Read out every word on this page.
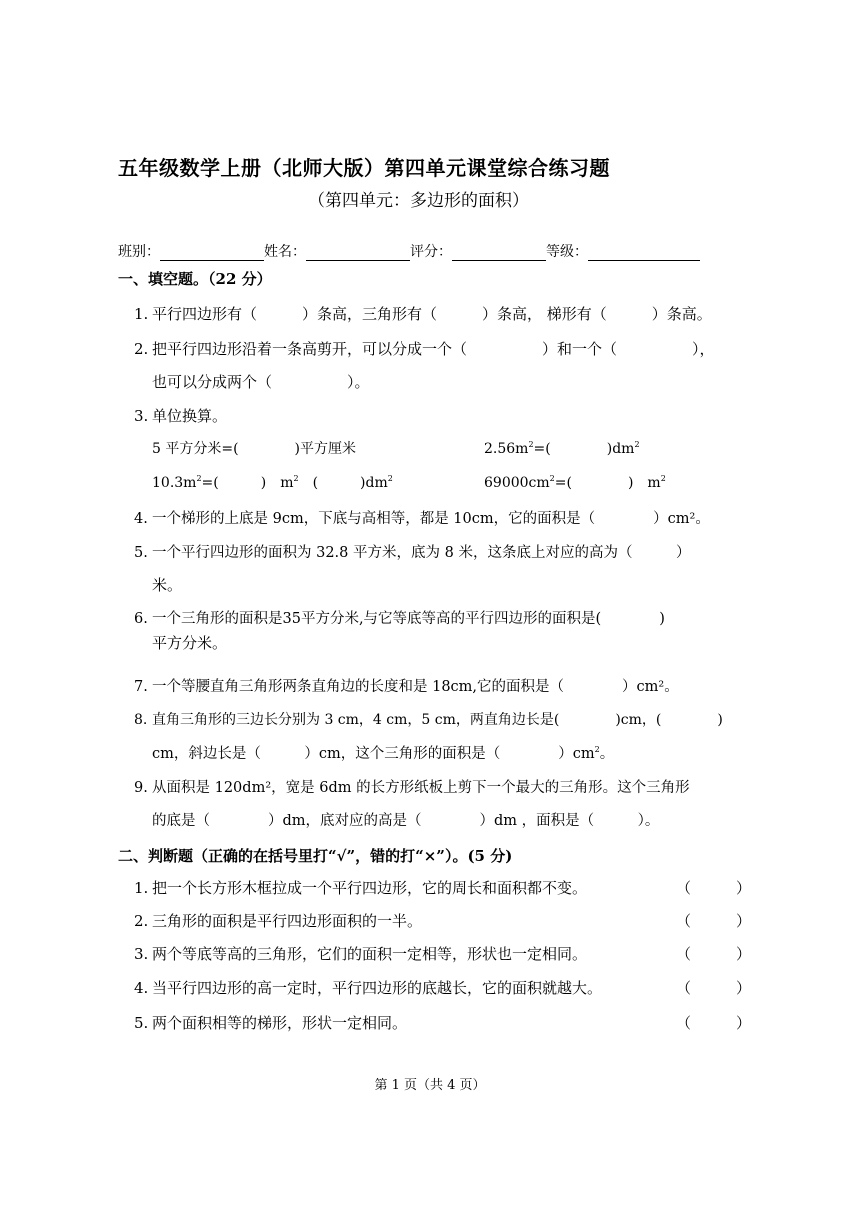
五年级数学上册（北师大版）第四单元课堂综合练习题
（第四单元：多边形的面积）
班别：	姓名：	评分：	等级：
一、填空题。（22 分）
1. 平行四边形有（　　　）条高，三角形有（　　　）条高， 梯形有（　　　）条高。
2. 把平行四边形沿着一条高剪开，可以分成一个（　　　　　）和一个（　　　　　），
也可以分成两个（　　　　　）。
3. 单位换算。
5 平方分米=(　　　　)平方厘米	$2.56m^2=$(　　　　)$dm^2$
$10.3m^2=$(　　　)　$m^2$　(　　　)$dm^2$	$69000cm^2=$(　　　　)　$m^2$
4. 一个梯形的上底是 9cm，下底与高相等，都是 10cm，它的面积是（　　　　）cm²。
5. 一个平行四边形的面积为 32.8 平方米，底为 8 米，这条底上对应的高为（　　　）
米。
6. 一个三角形的面积是35平方分米,与它等底等高的平行四边形的面积是(　　　　)
平方分米。
7. 一个等腰直角三角形两条直角边的长度和是 18cm,它的面积是（　　　　）cm²。
8. 直角三角形的三边长分别为 3 cm，4 cm，5 cm，两直角边长是(　　　　)cm，(　　　　)
cm，斜边长是（　　　）cm，这个三角形的面积是（　　　　）$cm^2$。
9. 从面积是 120dm²，宽是 6dm 的长方形纸板上剪下一个最大的三角形。这个三角形
的底是（　　　　）dm，底对应的高是（　　　　）dm ，面积是（　　　）。
二、判断题（正确的在括号里打“√”，错的打“×”）。(5 分)
1. 把一个长方形木框拉成一个平行四边形，它的周长和面积都不变。	（　　　）
2. 三角形的面积是平行四边形面积的一半。	（　　　）
3. 两个等底等高的三角形，它们的面积一定相等，形状也一定相同。	（　　　）
4. 当平行四边形的高一定时，平行四边形的底越长，它的面积就越大。	（　　　）
5. 两个面积相等的梯形，形状一定相同。	（　　　）
第 1 页（共 4 页）
